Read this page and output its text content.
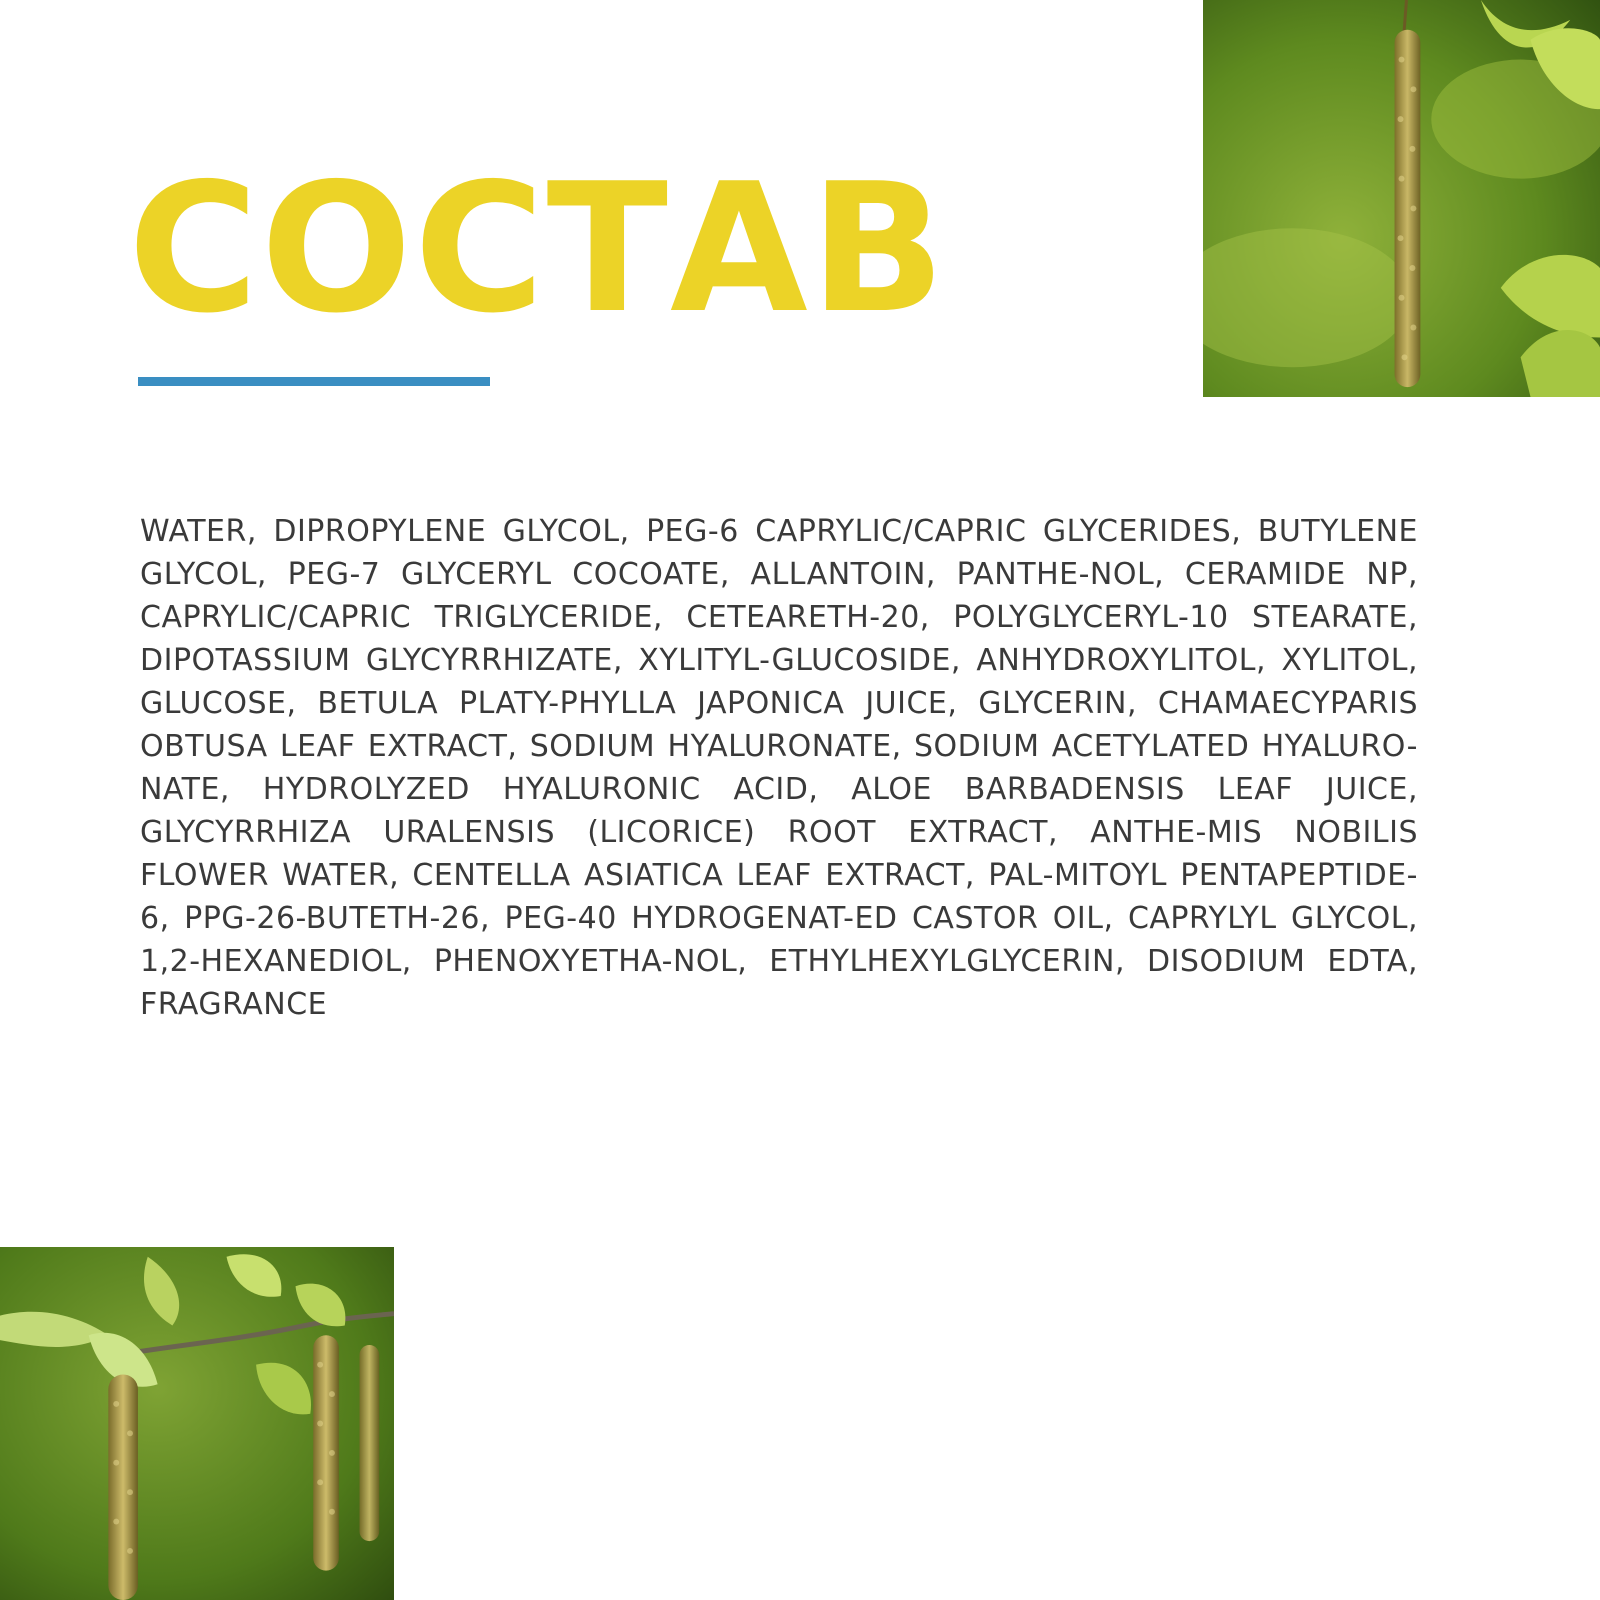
СОСТАВ

WATER, DIPROPYLENE GLYCOL, PEG-6 CAPRYLIC/CAPRIC GLYCERIDES, BUTYLENE GLYCOL, PEG-7 GLYCERYL COCOATE, ALLANTOIN, PANTHE-NOL, CERAMIDE NP, CAPRYLIC/CAPRIC TRIGLYCERIDE, CETEARETH-20, POLYGLYCERYL-10 STEARATE, DIPOTASSIUM GLYCYRRHIZATE, XYLITYL-GLUCOSIDE, ANHYDROXYLITOL, XYLITOL, GLUCOSE, BETULA PLATY-PHYLLA JAPONICA JUICE, GLYCERIN, CHAMAECYPARIS OBTUSA LEAF EXTRACT, SODIUM HYALURONATE, SODIUM ACETYLATED HYALURO-NATE, HYDROLYZED HYALURONIC ACID, ALOE BARBADENSIS LEAF JUICE, GLYCYRRHIZA URALENSIS (LICORICE) ROOT EXTRACT, ANTHE-MIS NOBILIS FLOWER WATER, CENTELLA ASIATICA LEAF EXTRACT, PAL-MITOYL PENTAPEPTIDE-6, PPG-26-BUTETH-26, PEG-40 HYDROGENAT-ED CASTOR OIL, CAPRYLYL GLYCOL, 1,2-HEXANEDIOL, PHENOXYETHA-NOL, ETHYLHEXYLGLYCERIN, DISODIUM EDTA, FRAGRANCE
